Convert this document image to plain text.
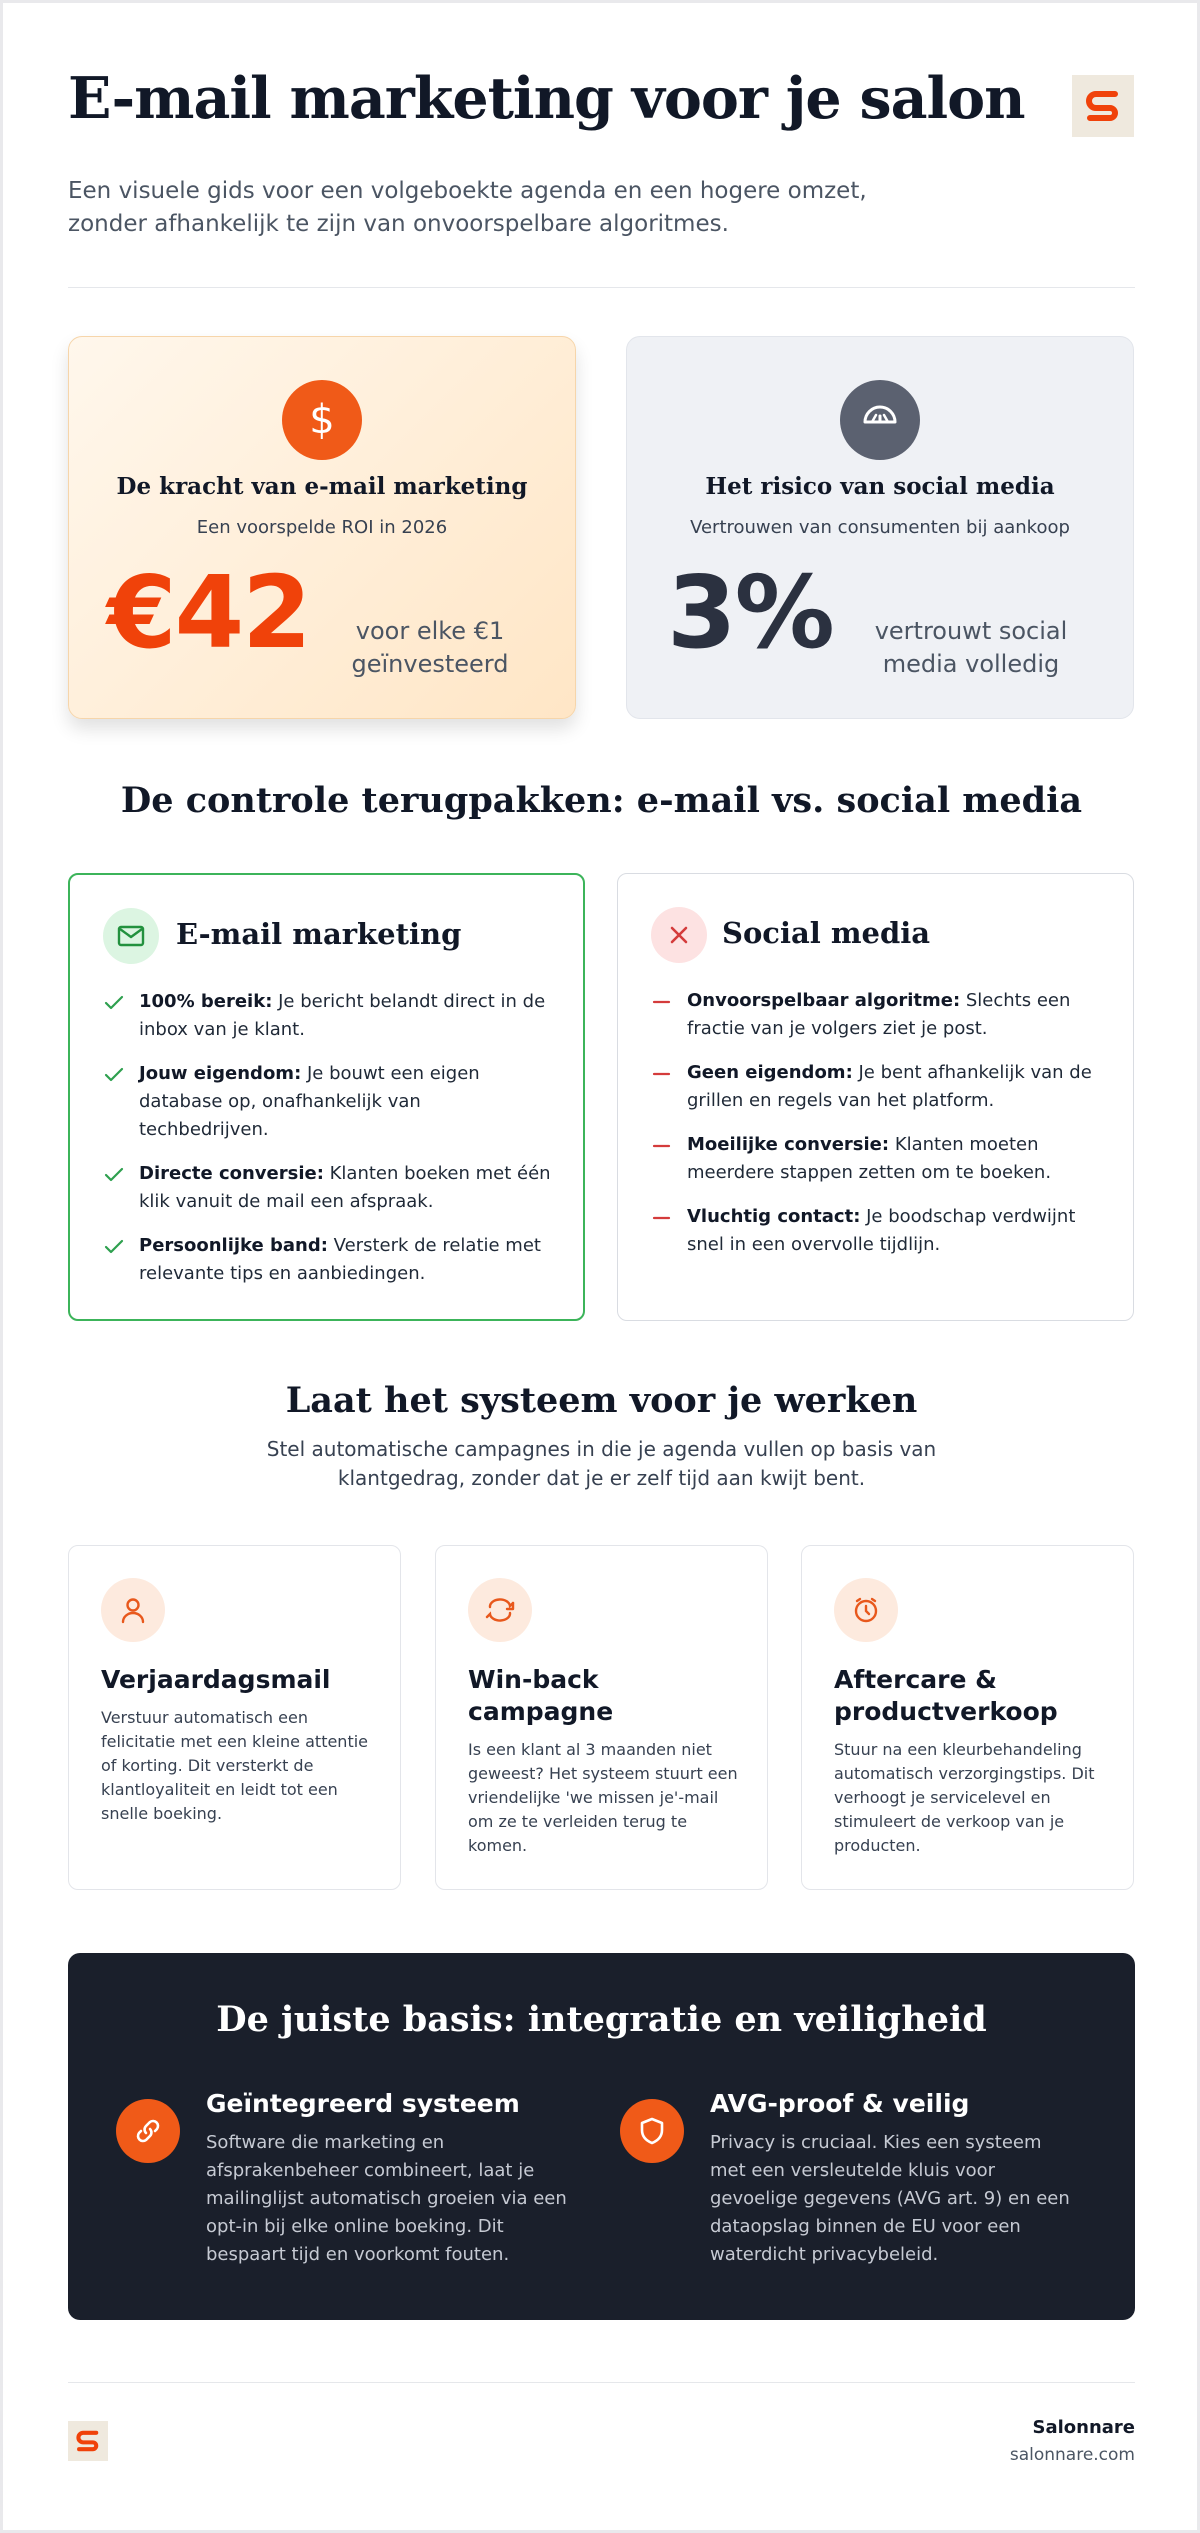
E-mail marketing voor je salon

Een visuele gids voor een volgeboekte agenda en een hogere omzet, zonder afhankelijk te zijn van onvoorspelbare algoritmes.

$
De kracht van e-mail marketing
Een voorspelde ROI in 2026
€42	voor elke €1 geïnvesteerd
Het risico van social media
Vertrouwen van consumenten bij aankoop
3%	vertrouwt social media volledig
De controle terugpakken: e-mail vs. social media
E-mail marketing
100% bereik: Je bericht belandt direct in de inbox van je klant.
Jouw eigendom: Je bouwt een eigen database op, onafhankelijk van techbedrijven.
Directe conversie: Klanten boeken met één klik vanuit de mail een afspraak.
Persoonlijke band: Versterk de relatie met relevante tips en aanbiedingen.
Social media
Onvoorspelbaar algoritme: Slechts een fractie van je volgers ziet je post.
Geen eigendom: Je bent afhankelijk van de grillen en regels van het platform.
Moeilijke conversie: Klanten moeten meerdere stappen zetten om te boeken.
Vluchtig contact: Je boodschap verdwijnt snel in een overvolle tijdlijn.
Laat het systeem voor je werken

Stel automatische campagnes in die je agenda vullen op basis van klantgedrag, zonder dat je er zelf tijd aan kwijt bent.

Verjaardagsmail

Verstuur automatisch een felicitatie met een kleine attentie of korting. Dit versterkt de klantloyaliteit en leidt tot een snelle boeking.

Win-back campagne

Is een klant al 3 maanden niet geweest? Het systeem stuurt een vriendelijke 'we missen je'-mail om ze te verleiden terug te komen.

Aftercare & productverkoop

Stuur na een kleurbehandeling automatisch verzorgingstips. Dit verhoogt je servicelevel en stimuleert de verkoop van je producten.

De juiste basis: integratie en veiligheid
Geïntegreerd systeem

Software die marketing en afsprakenbeheer combineert, laat je mailinglijst automatisch groeien via een opt-in bij elke online boeking. Dit bespaart tijd en voorkomt fouten.

AVG-proof & veilig

Privacy is cruciaal. Kies een systeem met een versleutelde kluis voor gevoelige gegevens (AVG art. 9) en een dataopslag binnen de EU voor een waterdicht privacybeleid.

Salonnare
salonnare.com
